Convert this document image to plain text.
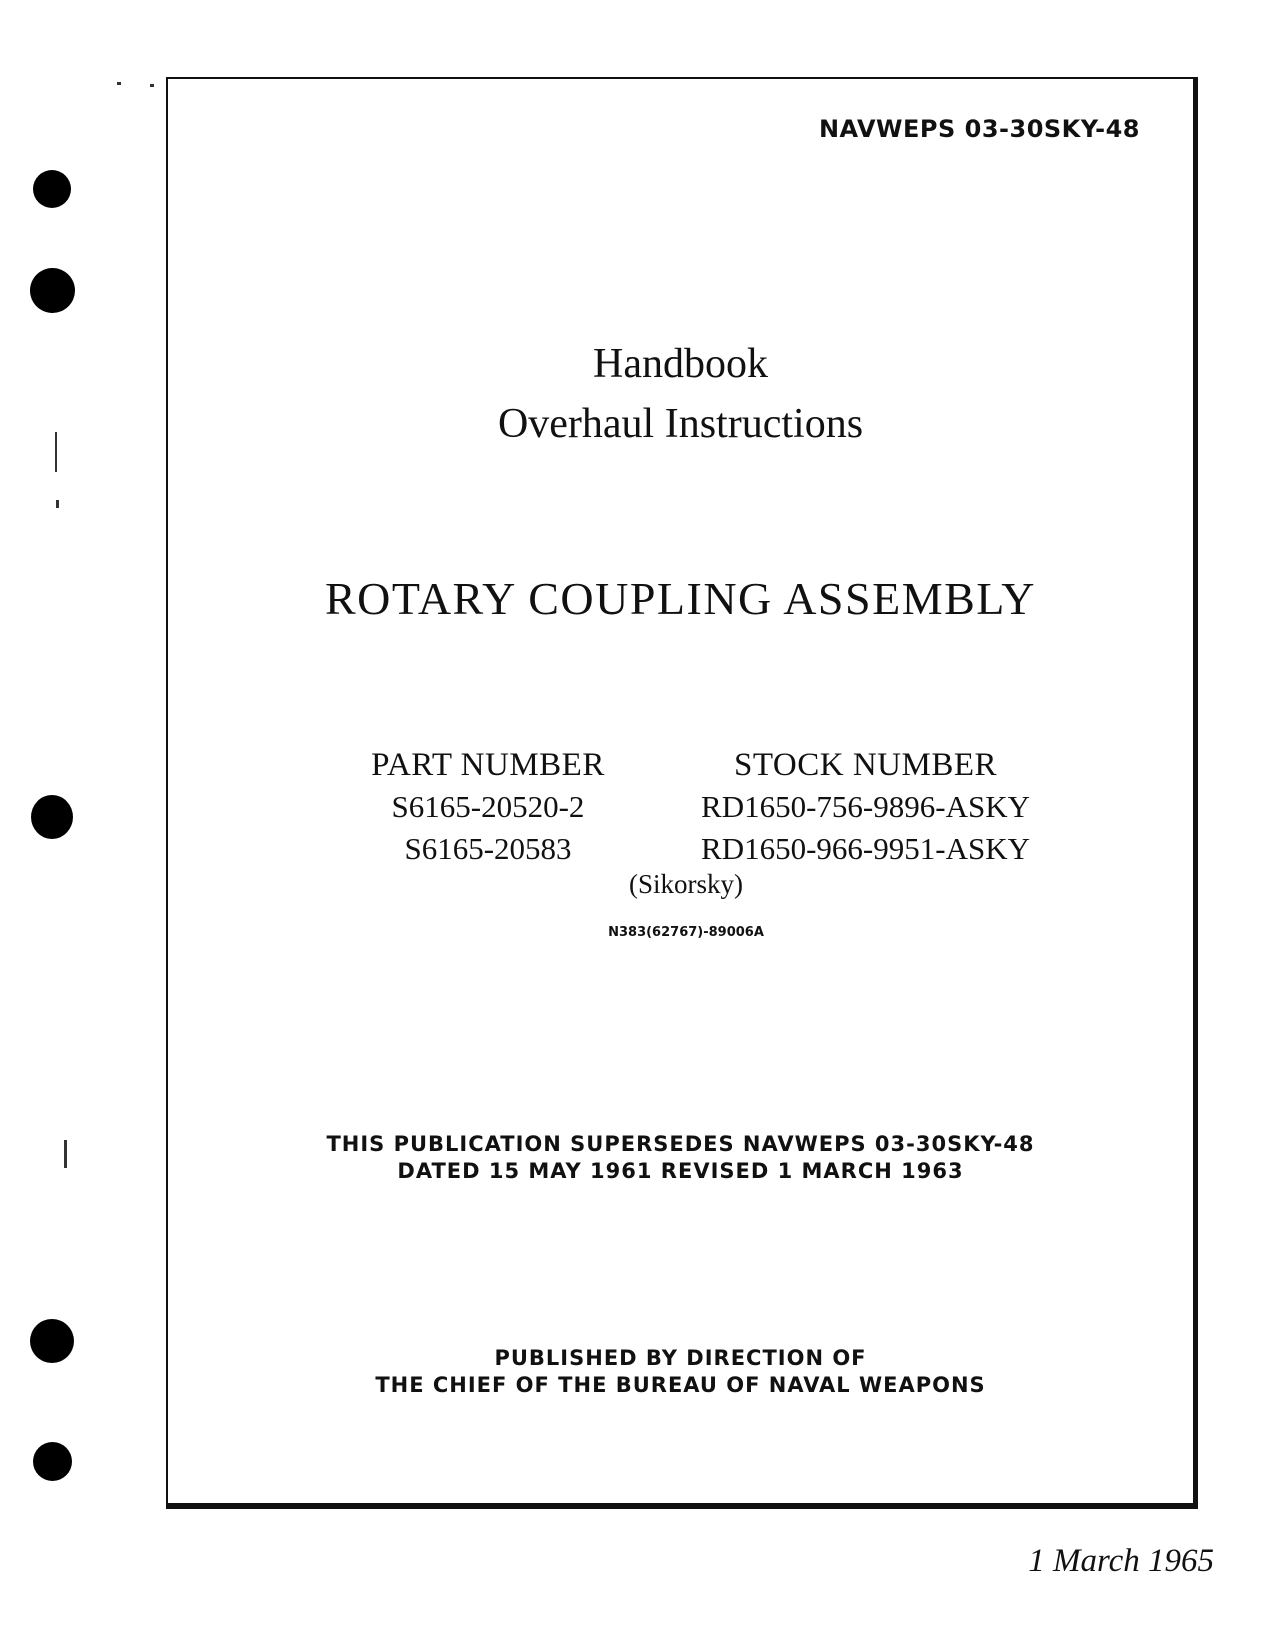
NAVWEPS 03-30SKY-48
Handbook
Overhaul Instructions
ROTARY COUPLING ASSEMBLY
PART NUMBER
S6165-20520-2
S6165-20583
STOCK NUMBER
RD1650-756-9896-ASKY
RD1650-966-9951-ASKY
(Sikorsky)
N383(62767)-89006A
THIS PUBLICATION SUPERSEDES NAVWEPS 03-30SKY-48
DATED 15 MAY 1961 REVISED 1 MARCH 1963
PUBLISHED BY DIRECTION OF
THE CHIEF OF THE BUREAU OF NAVAL WEAPONS
1 March 1965
